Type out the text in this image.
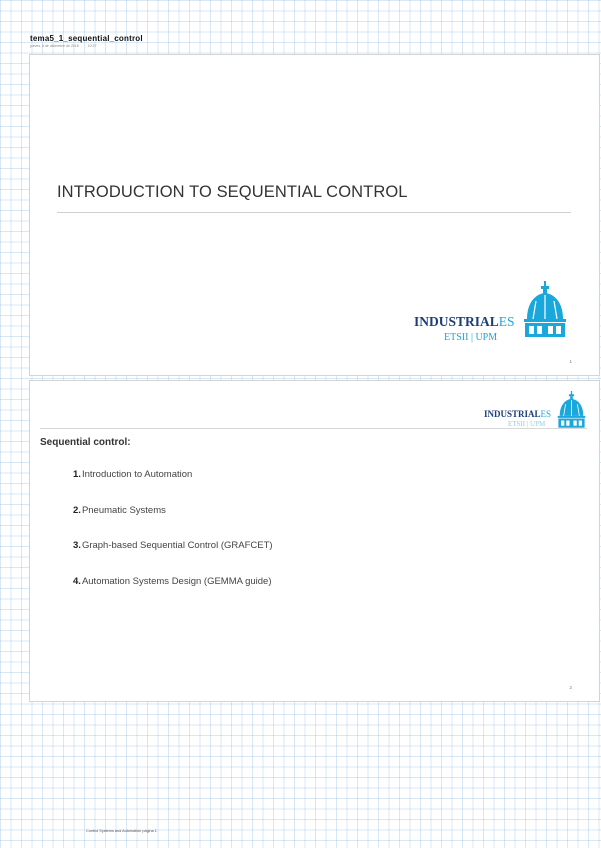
tema5_1_sequential_control
jueves, 6 de diciembre de 2018	10:37
INTRODUCTION TO SEQUENTIAL CONTROL
INDUSTRIALES
ETSII | UPM
1
INDUSTRIALES
ETSII | UPM
Sequential control:
1.Introduction to Automation
2.Pneumatic Systems
3.Graph-based Sequential Control (GRAFCET)
4.Automation Systems Design (GEMMA guide)
2
Control Systems and Automation página 1
